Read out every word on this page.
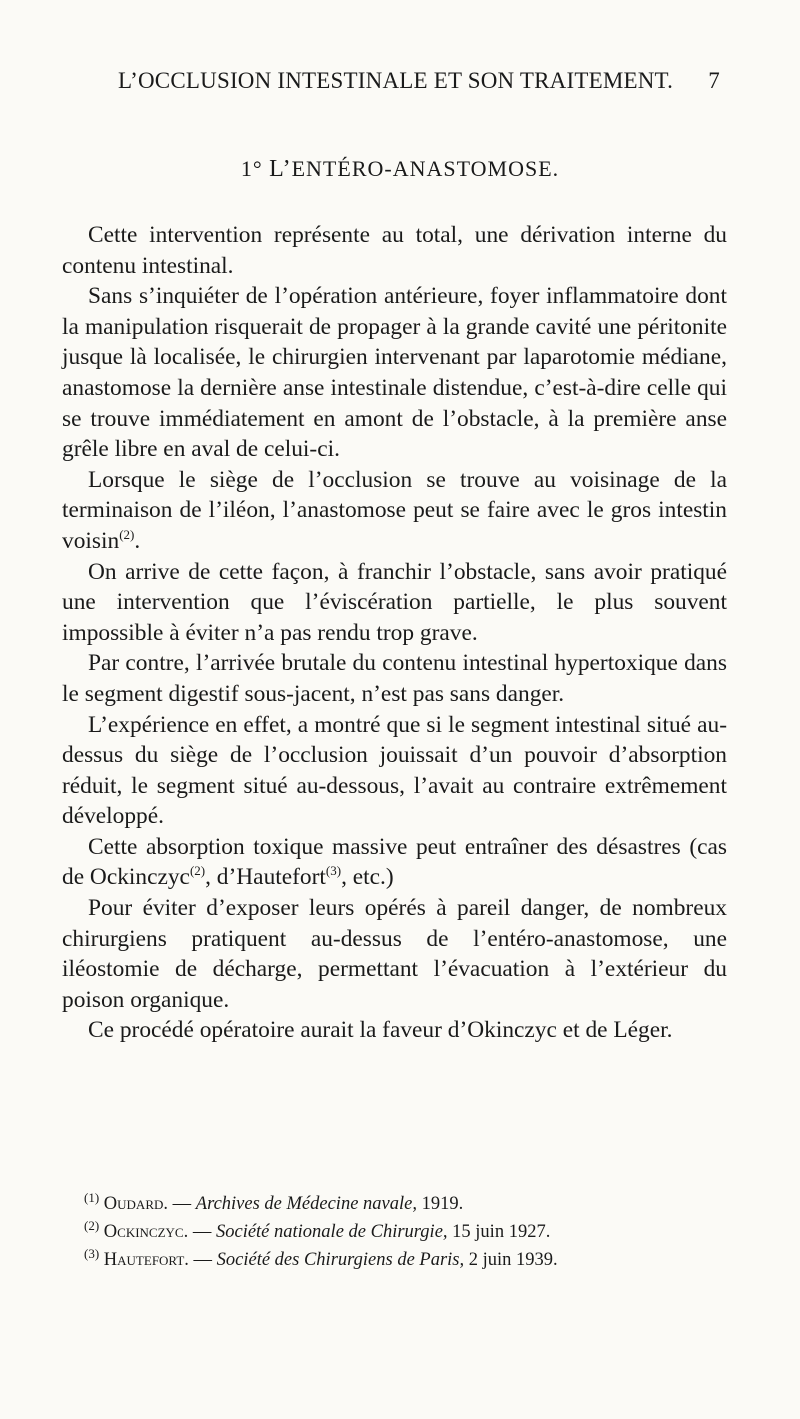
L’OCCLUSION INTESTINALE ET SON TRAITEMENT. 7
1° L’ENTÉRO-ANASTOMOSE.

Cette intervention représente au total, une dérivation interne du contenu intestinal.

Sans s’inquiéter de l’opération antérieure, foyer inflammatoire dont la manipulation risquerait de propager à la grande cavité une péritonite jusque là localisée, le chirurgien intervenant par laparotomie médiane, anastomose la dernière anse intestinale distendue, c’est-à-dire celle qui se trouve immédiatement en amont de l’obstacle, à la première anse grêle libre en aval de celui-ci.

Lorsque le siège de l’occlusion se trouve au voisinage de la terminaison de l’iléon, l’anastomose peut se faire avec le gros intestin voisin$^{(2)}$.

On arrive de cette façon, à franchir l’obstacle, sans avoir pratiqué une intervention que l’éviscération partielle, le plus souvent impossible à éviter n’a pas rendu trop grave.

Par contre, l’arrivée brutale du contenu intestinal hypertoxique dans le segment digestif sous-jacent, n’est pas sans danger.

L’expérience en effet, a montré que si le segment intestinal situé au-dessus du siège de l’occlusion jouissait d’un pouvoir d’absorption réduit, le segment situé au-dessous, l’avait au contraire extrêmement développé.

Cette absorption toxique massive peut entraîner des désastres (cas de Ockinczyc$^{(2)}$, d’Hautefort$^{(3)}$, etc.)

Pour éviter d’exposer leurs opérés à pareil danger, de nombreux chirurgiens pratiquent au-dessus de l’entéro-anastomose, une iléostomie de décharge, permettant l’évacuation à l’extérieur du poison organique.

Ce procédé opératoire aurait la faveur d’Okinczyc et de Léger.

$^{(1)}$ Oudard. — Archives de Médecine navale, 1919.
$^{(2)}$ Ockinczyc. — Société nationale de Chirurgie, 15 juin 1927.
$^{(3)}$ Hautefort. — Société des Chirurgiens de Paris, 2 juin 1939.
